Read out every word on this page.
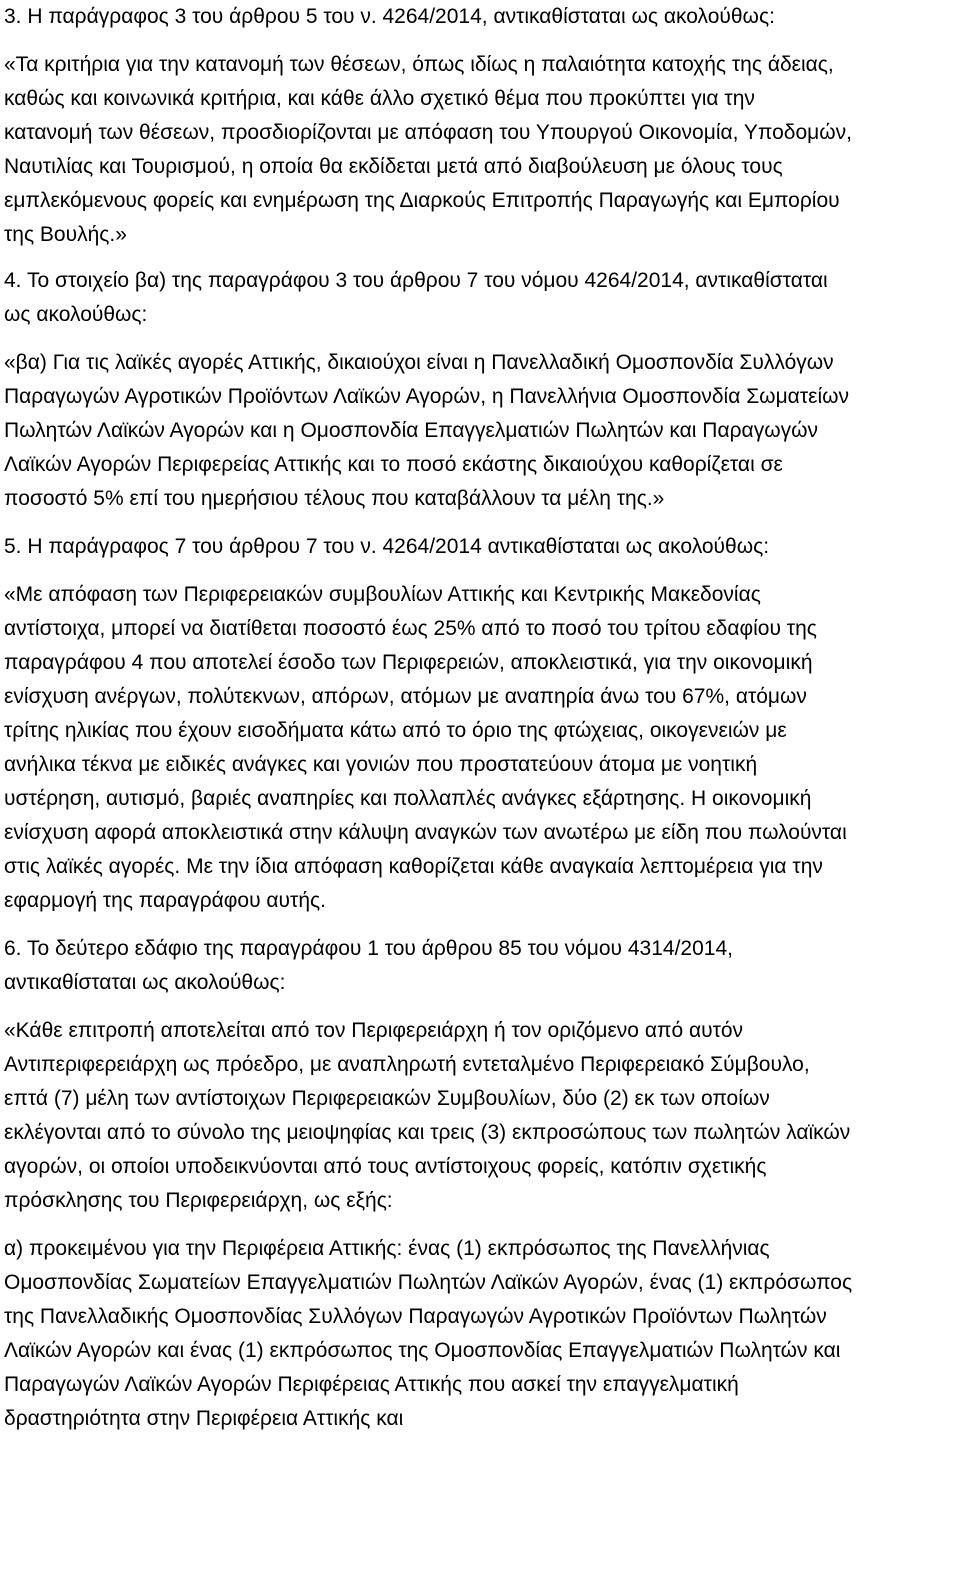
3. Η παράγραφος 3 του άρθρου 5 του ν. 4264/2014, αντικαθίσταται ως ακολούθως:
«Τα κριτήρια για την κατανομή των θέσεων, όπως ιδίως η παλαιότητα κατοχής της άδειας,
καθώς και κοινωνικά κριτήρια, και κάθε άλλο σχετικό θέμα που προκύπτει για την
κατανομή των θέσεων, προσδιορίζονται με απόφαση του Υπουργού Οικονομία, Υποδομών,
Ναυτιλίας και Τουρισμού, η οποία θα εκδίδεται μετά από διαβούλευση με όλους τους
εμπλεκόμενους φορείς και ενημέρωση της Διαρκούς Επιτροπής Παραγωγής και Εμπορίου
της Βουλής.»
4. Το στοιχείο βα) της παραγράφου 3 του άρθρου 7 του νόμου 4264/2014, αντικαθίσταται
ως ακολούθως:
«βα) Για τις λαϊκές αγορές Αττικής, δικαιούχοι είναι η Πανελλαδική Ομοσπονδία Συλλόγων
Παραγωγών Αγροτικών Προϊόντων Λαϊκών Αγορών, η Πανελλήνια Ομοσπονδία Σωματείων
Πωλητών Λαϊκών Αγορών και η Ομοσπονδία Επαγγελματιών Πωλητών και Παραγωγών
Λαϊκών Αγορών Περιφερείας Αττικής και το ποσό εκάστης δικαιούχου καθορίζεται σε
ποσοστό 5% επί του ημερήσιου τέλους που καταβάλλουν τα μέλη της.»
5. Η παράγραφος 7 του άρθρου 7 του ν. 4264/2014 αντικαθίσταται ως ακολούθως:
«Με απόφαση των Περιφερειακών συμβουλίων Αττικής και Κεντρικής Μακεδονίας
αντίστοιχα, μπορεί να διατίθεται ποσοστό έως 25% από το ποσό του τρίτου εδαφίου της
παραγράφου 4 που αποτελεί έσοδο των Περιφερειών, αποκλειστικά, για την οικονομική
ενίσχυση ανέργων, πολύτεκνων, απόρων, ατόμων με αναπηρία άνω του 67%, ατόμων
τρίτης ηλικίας που έχουν εισοδήματα κάτω από το όριο της φτώχειας, οικογενειών με
ανήλικα τέκνα με ειδικές ανάγκες και γονιών που προστατεύουν άτομα με νοητική
υστέρηση, αυτισμό, βαριές αναπηρίες και πολλαπλές ανάγκες εξάρτησης. Η οικονομική
ενίσχυση αφορά αποκλειστικά στην κάλυψη αναγκών των ανωτέρω με είδη που πωλούνται
στις λαϊκές αγορές. Με την ίδια απόφαση καθορίζεται κάθε αναγκαία λεπτομέρεια για την
εφαρμογή της παραγράφου αυτής.
6. Το δεύτερο εδάφιο της παραγράφου 1 του άρθρου 85 του νόμου 4314/2014,
αντικαθίσταται ως ακολούθως:
«Κάθε επιτροπή αποτελείται από τον Περιφερειάρχη ή τον οριζόμενο από αυτόν
Αντιπεριφερειάρχη ως πρόεδρο, με αναπληρωτή εντεταλμένο Περιφερειακό Σύμβουλο,
επτά (7) μέλη των αντίστοιχων Περιφερειακών Συμβουλίων, δύο (2) εκ των οποίων
εκλέγονται από το σύνολο της μειοψηφίας και τρεις (3) εκπροσώπους των πωλητών λαϊκών
αγορών, οι οποίοι υποδεικνύονται από τους αντίστοιχους φορείς, κατόπιν σχετικής
πρόσκλησης του Περιφερειάρχη, ως εξής:
α) προκειμένου για την Περιφέρεια Αττικής: ένας (1) εκπρόσωπος της Πανελλήνιας
Ομοσπονδίας Σωματείων Επαγγελματιών Πωλητών Λαϊκών Αγορών, ένας (1) εκπρόσωπος
της Πανελλαδικής Ομοσπονδίας Συλλόγων Παραγωγών Αγροτικών Προϊόντων Πωλητών
Λαϊκών Αγορών και ένας (1) εκπρόσωπος της Ομοσπονδίας Επαγγελματιών Πωλητών και
Παραγωγών Λαϊκών Αγορών Περιφέρειας Αττικής που ασκεί την επαγγελματική
δραστηριότητα στην Περιφέρεια Αττικής και
